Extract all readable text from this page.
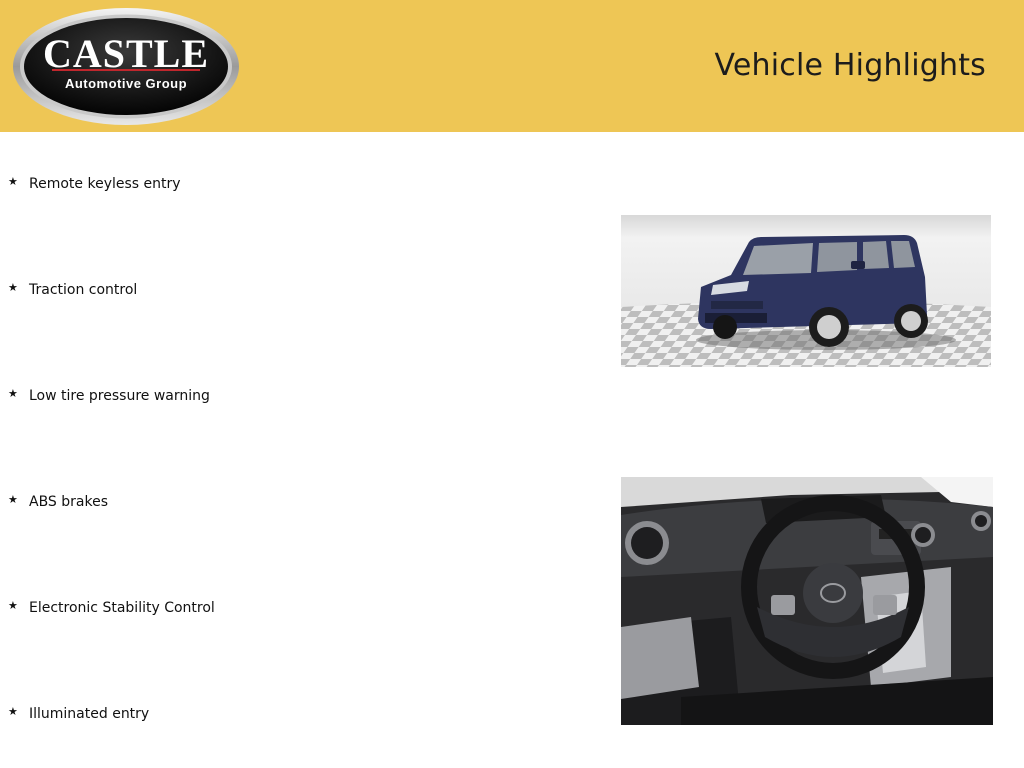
CASTLE
Automotive Group
Vehicle Highlights
★ Remote keyless entry
★ Traction control
★ Low tire pressure warning
★ ABS brakes
★ Electronic Stability Control
★ Illuminated entry
